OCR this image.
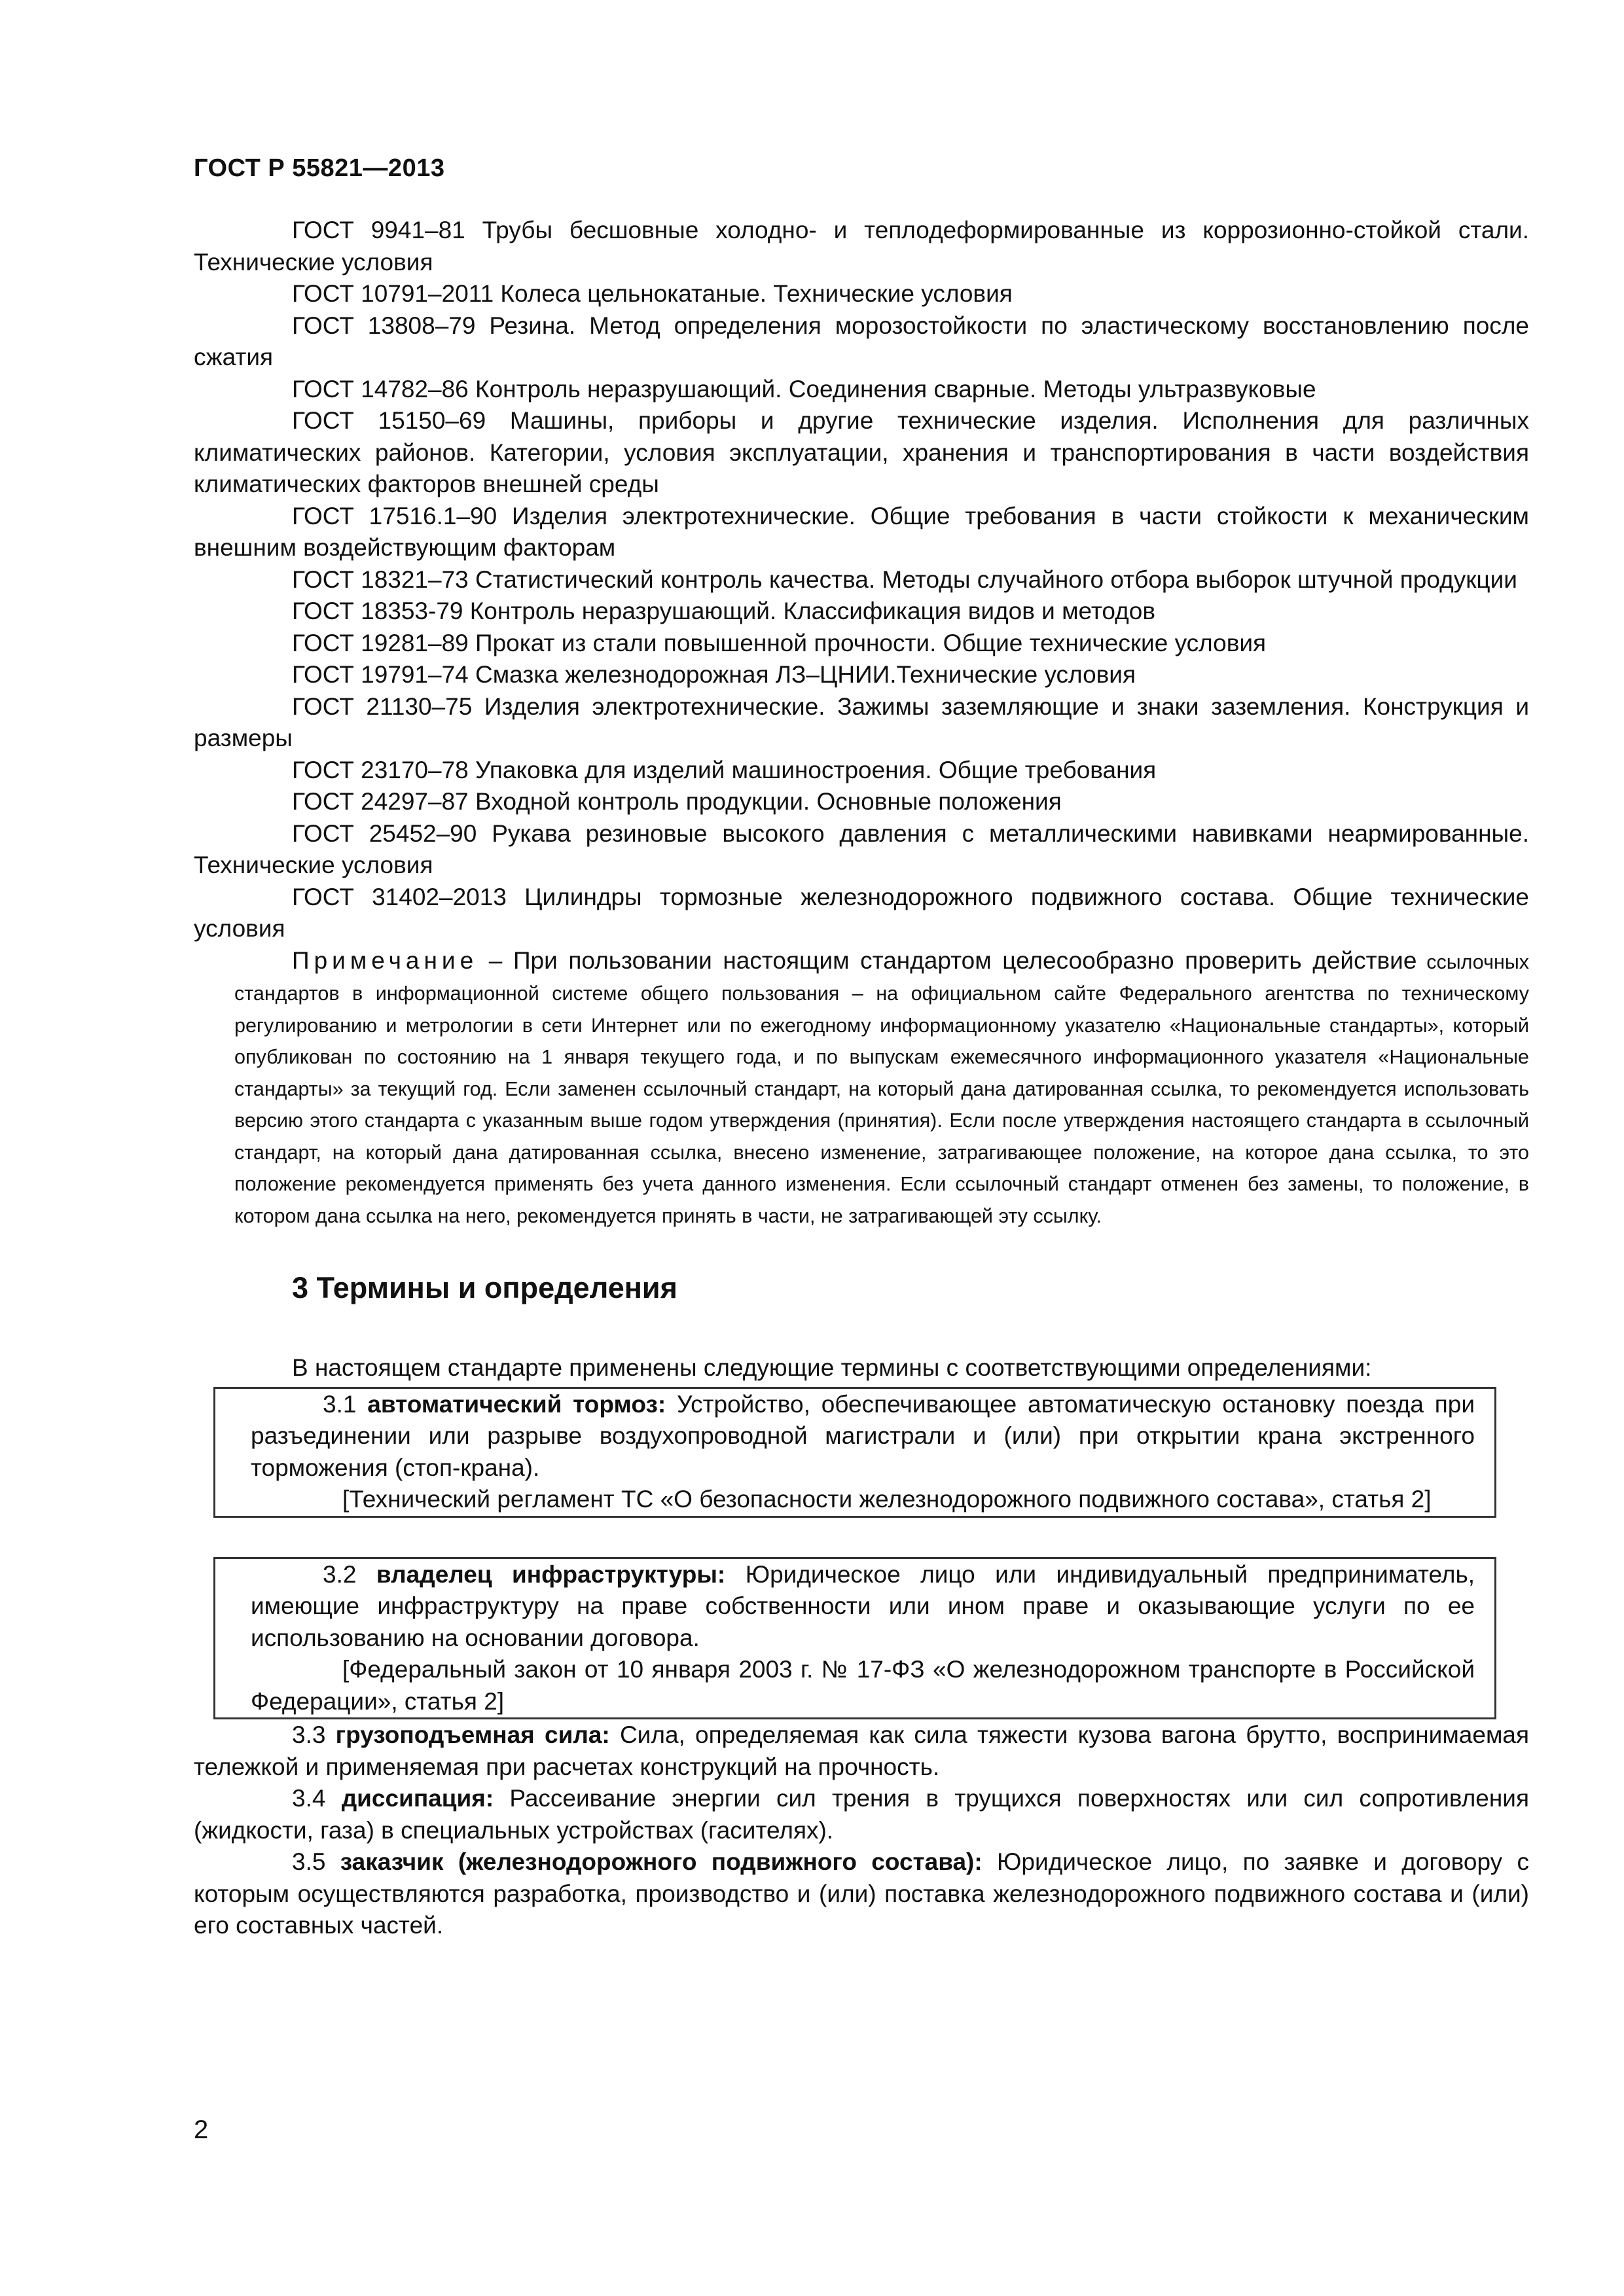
ГОСТ Р 55821—2013

ГОСТ 9941–81 Трубы бесшовные холодно- и теплодеформированные из коррозионно-стойкой стали. Технические условия

ГОСТ 10791–2011 Колеса цельнокатаные. Технические условия

ГОСТ 13808–79 Резина. Метод определения морозостойкости по эластическому восстановлению после сжатия

ГОСТ 14782–86 Контроль неразрушающий. Соединения сварные. Методы ультразвуковые

ГОСТ 15150–69 Машины, приборы и другие технические изделия. Исполнения для различных климатических районов. Категории, условия эксплуатации, хранения и транспортирования в части воздействия климатических факторов внешней среды

ГОСТ 17516.1–90 Изделия электротехнические. Общие требования в части стойкости к механическим внешним воздействующим факторам

ГОСТ 18321–73 Статистический контроль качества. Методы случайного отбора выборок штучной продукции

ГОСТ 18353-79 Контроль неразрушающий. Классификация видов и методов

ГОСТ 19281–89 Прокат из стали повышенной прочности. Общие технические условия

ГОСТ 19791–74 Смазка железнодорожная ЛЗ–ЦНИИ.Технические условия

ГОСТ 21130–75 Изделия электротехнические. Зажимы заземляющие и знаки заземления. Конструкция и размеры

ГОСТ 23170–78 Упаковка для изделий машиностроения. Общие требования

ГОСТ 24297–87 Входной контроль продукции. Основные положения

ГОСТ 25452–90 Рукава резиновые высокого давления с металлическими навивками неармированные. Технические условия

ГОСТ 31402–2013 Цилиндры тормозные железнодорожного подвижного состава. Общие технические условия

Примечание – При пользовании настоящим стандартом целесообразно проверить действие ссылочных стандартов в информационной системе общего пользования – на официальном сайте Федерального агентства по техническому регулированию и метрологии в сети Интернет или по ежегодному информационному указателю «Национальные стандарты», который опубликован по состоянию на 1 января текущего года, и по выпускам ежемесячного информационного указателя «Национальные стандарты» за текущий год. Если заменен ссылочный стандарт, на который дана датированная ссылка, то рекомендуется использовать версию этого стандарта с указанным выше годом утверждения (принятия). Если после утверждения настоящего стандарта в ссылочный стандарт, на который дана датированная ссылка, внесено изменение, затрагивающее положение, на которое дана ссылка, то это положение рекомендуется применять без учета данного изменения. Если ссылочный стандарт отменен без замены, то положение, в котором дана ссылка на него, рекомендуется принять в части, не затрагивающей эту ссылку.
3 Термины и определения

В настоящем стандарте применены следующие термины с соответствующими определениями:

3.1 автоматический тормоз: Устройство, обеспечивающее автоматическую остановку поезда при разъединении или разрыве воздухопроводной магистрали и (или) при открытии крана экстренного торможения (стоп-крана).

[Технический регламент ТС «О безопасности железнодорожного подвижного состава», статья 2]

3.2 владелец инфраструктуры: Юридическое лицо или индивидуальный предприниматель, имеющие инфраструктуру на праве собственности или ином праве и оказывающие услуги по ее использованию на основании договора.

[Федеральный закон от 10 января 2003 г. № 17-ФЗ «О железнодорожном транспорте в Российской Федерации», статья 2]

3.3 грузоподъемная сила: Сила, определяемая как сила тяжести кузова вагона брутто, воспринимаемая тележкой и применяемая при расчетах конструкций на прочность.

3.4 диссипация: Рассеивание энергии сил трения в трущихся поверхностях или сил сопротивления (жидкости, газа) в специальных устройствах (гасителях).

3.5 заказчик (железнодорожного подвижного состава): Юридическое лицо, по заявке и договору с которым осуществляются разработка, производство и (или) поставка железнодорожного подвижного состава и (или) его составных частей.

2
